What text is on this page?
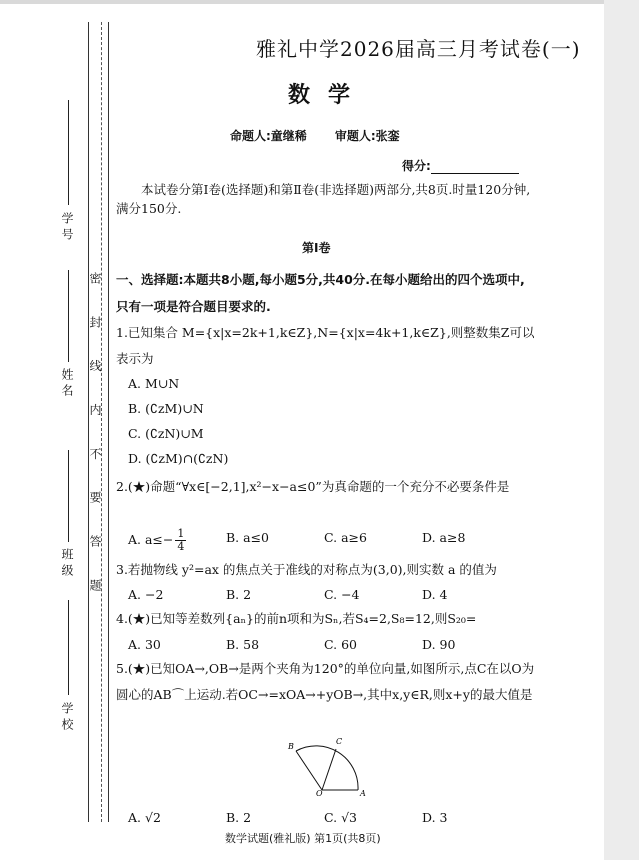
学 校
班 级
姓 名
学 号
密 封 线 内 不 要 答 题
雅礼中学2026届高三月考试卷(一)
数学
命题人:童继稀 审题人:张銮
得分:
本试卷分第Ⅰ卷(选择题)和第Ⅱ卷(非选择题)两部分,共8页.时量120分钟,满分150分.
第Ⅰ卷
一、选择题:本题共8小题,每小题5分,共40分.在每小题给出的四个选项中,只有一项是符合题目要求的.
1.已知集合 M={x|x=2k+1,k∈Z},N={x|x=4k+1,k∈Z},则整数集Z可以表示为
A. M∪N
B. (∁zM)∪N
C. (∁zN)∪M
D. (∁zM)∩(∁zN)
2.(★)命题“∀x∈[−2,1],x²−x−a≤0”为真命题的一个充分不必要条件是
A. $a\le- \frac{1}{4}$	B. a≤0	C. a≥6	D. a≥8
3.若抛物线 y²=ax 的焦点关于准线的对称点为(3,0),则实数 a 的值为
A. −2	B. 2	C. −4	D. 4
4.(★)已知等差数列{aₙ}的前n项和为Sₙ,若S₄=2,S₈=12,则S₂₀=
A. 30	B. 58	C. 60	D. 90
5.(★)已知OA→,OB→是两个夹角为120°的单位向量,如图所示,点C在以O为圆心的AB⌒上运动.若OC→=xOA→+yOB→,其中x,y∈R,则x+y的最大值是
B
C
O	A
A. √2	B. 2	C. √3	D. 3
数学试题(雅礼版) 第1页(共8页)
